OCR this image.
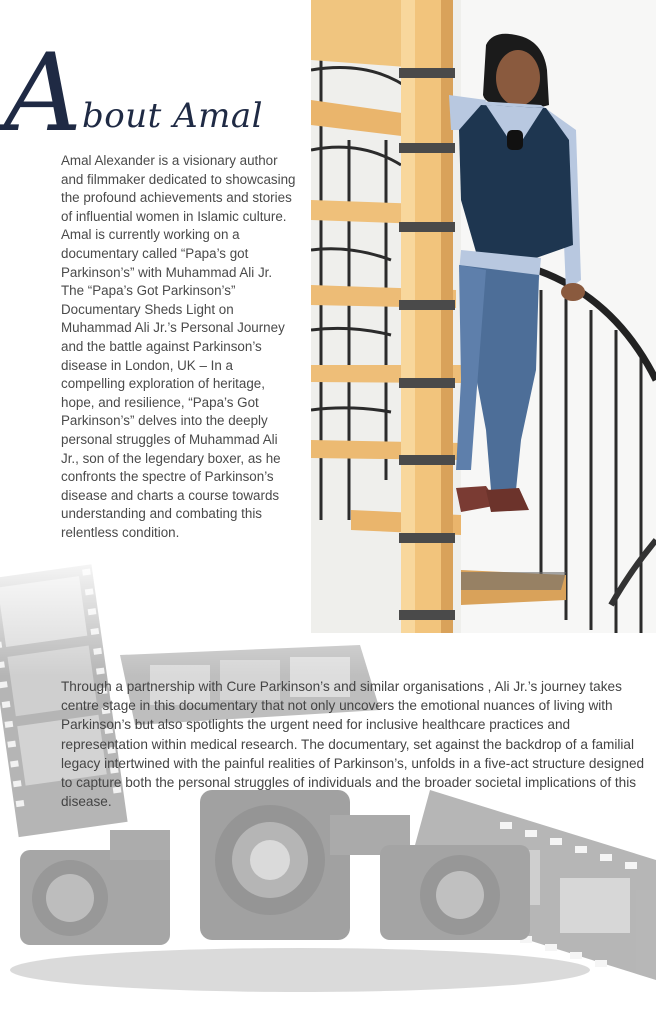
A bout Amal

Amal Alexander is a visionary author and filmmaker dedicated to showcasing the profound achievements and stories of influential women in Islamic culture. Amal is currently working on a documentary called “Papa’s got Parkinson’s” with Muhammad Ali Jr. The “Papa’s Got Parkinson’s” Documentary Sheds Light on Muhammad Ali Jr.’s Personal Journey and the battle against Parkinson’s disease in London, UK – In a compelling exploration of heritage, hope, and resilience, “Papa’s Got Parkinson’s” delves into the deeply personal struggles of Muhammad Ali Jr., son of the legendary boxer, as he confronts the spectre of Parkinson’s disease and charts a course towards understanding and combating this relentless condition.

Through a partnership with Cure Parkinson’s and similar organisations , Ali Jr.’s journey takes centre stage in this documentary that not only uncovers the emotional nuances of living with Parkinson’s but also spotlights the urgent need for inclusive healthcare practices and representation within medical research. The documentary, set against the backdrop of a familial legacy intertwined with the painful realities of Parkinson’s, unfolds in a five-act structure designed to capture both the personal struggles of individuals and the broader societal implications of this disease.
